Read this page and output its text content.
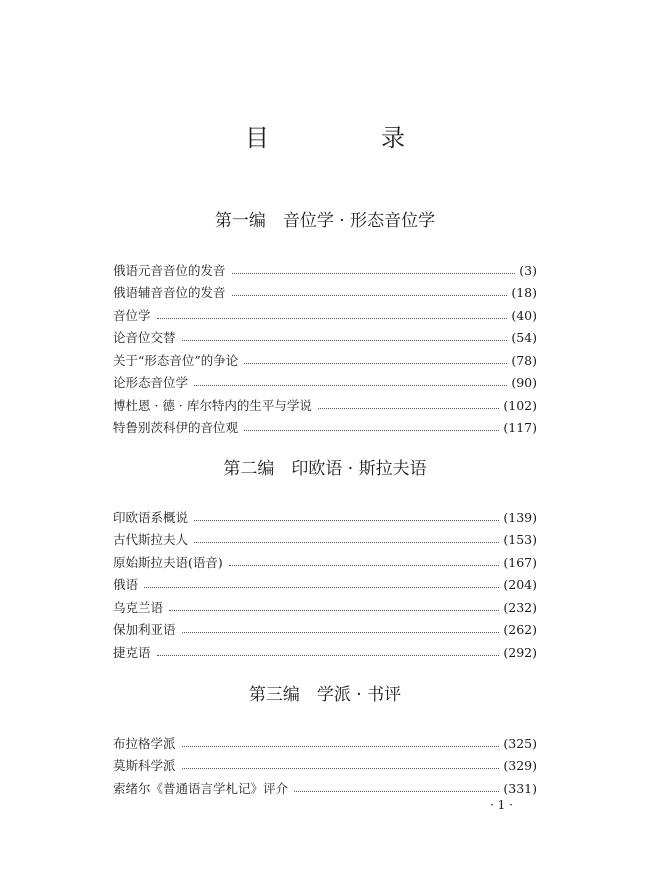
目　录
第一编　音位学 · 形态音位学
俄语元音音位的发音	(3)
俄语辅音音位的发音	(18)
音位学	(40)
论音位交替	(54)
关于“形态音位”的争论	(78)
论形态音位学	(90)
博杜恩 · 德 · 库尔特内的生平与学说	(102)
特鲁别茨科伊的音位观	(117)
第二编　印欧语 · 斯拉夫语
印欧语系概说	(139)
古代斯拉夫人	(153)
原始斯拉夫语(语音)	(167)
俄语	(204)
乌克兰语	(232)
保加利亚语	(262)
捷克语	(292)
第三编　学派 · 书评
布拉格学派	(325)
莫斯科学派	(329)
索绪尔《普通语言学札记》评介	(331)
· 1 ·
